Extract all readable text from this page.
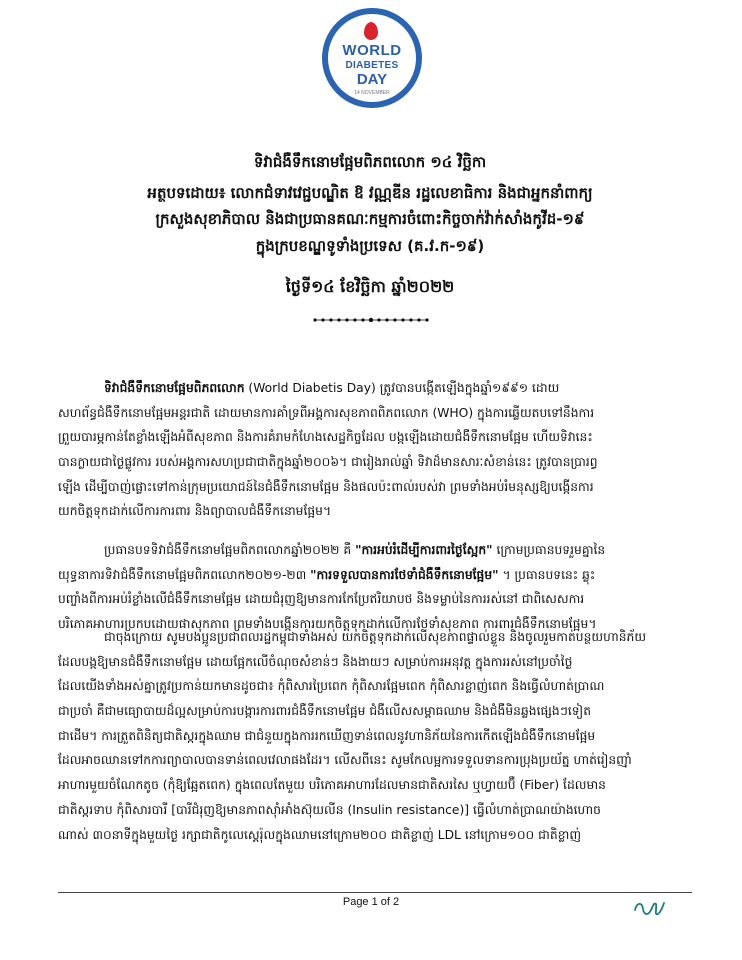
WORLD
DIABETES
DAY
14 NOVEMBER
ទិវាជំងឺទឹកនោមផ្អែមពិភពលោក ១៤ វិច្ឆិកា
អត្ថបទដោយ៖ លោកជំទាវវេជ្ជបណ្ឌិត ឱ វណ្ណឌីន រដ្ឋលេខាធិការ និងជាអ្នកនាំពាក្យ
ក្រសួងសុខាភិបាល និងជាប្រធានគណៈកម្មការចំពោះកិច្ចចាក់វ៉ាក់សាំងកូវីដ-១៩
ក្នុងក្របខណ្ឌទូទាំងប្រទេស (គ.វ.ក-១៩)
ថ្ងៃទី១៤ ខែវិច្ឆិកា ឆ្នាំ២០២២
ទិវាជំងឺទឹកនោមផ្អែមពិភពលោក (World Diabetis Day) ត្រូវបានបង្កើតឡើងក្នុងឆ្នាំ១៩៩១ ដោយ
សហព័ន្ធជំងឺទឹកនោមផ្អែមអន្តរជាតិ ដោយមានការគាំទ្រពីអង្គការសុខភាពពិភពលោក (WHO) ក្នុងការឆ្លើយតបទៅនឹងការ
ព្រួយបារម្ភកាន់តែខ្លាំងឡើងអំពីសុខភាព និងការគំរាមកំហែងសេដ្ឋកិច្ចដែល បង្កឡើងដោយជំងឺទឹកនោមផ្អែម ហើយទិវានេះ
បានក្លាយជាថ្ងៃផ្លូវការ របស់អង្គការសហប្រជាជាតិក្នុងឆ្នាំ២០០៦។ ជារៀងរាល់ឆ្នាំ ទិវាដ៏មានសារៈសំខាន់នេះ ត្រូវបានប្រារព្ធ
ឡើង ដើម្បីបាញ់ផ្លោះទៅកាន់ក្រុមប្រយោជន៍នៃជំងឺទឹកនោមផ្អែម និងផលប៉ះពាល់របស់វា ព្រមទាំងអប់រំមនុស្សឱ្យបង្កើនការ
យកចិត្តទុកដាក់លើការការពារ និងព្យាបាលជំងឺទឹកនោមផ្អែម។
ប្រធានបទទិវាជំងឺទឹកនោមផ្អែមពិភពលោកឆ្នាំ២០២២ គឺ "ការអប់រំដើម្បីការពារថ្ងៃស្អែក" ក្រោមប្រធានបទរួមគ្នានៃ
យុទ្ធនាការទិវាជំងឺទឹកនោមផ្អែមពិភពលោក២០២១-២៣ "ការទទួលបានការថែទាំជំងឺទឹកនោមផ្អែម" ។ ប្រធានបទនេះ ឆ្លុះ
បញ្ចាំងពីការអប់រំខ្លាំងលើជំងឺទឹកនោមផ្អែម ដោយជំរុញឱ្យមានការកែប្រែឥរិយាបថ និងទម្លាប់នៃការរស់នៅ ជាពិសេសការ
បរិភោគអាហារប្រកបដោយផាសុកភាព ព្រមទាំងបង្កើនការយកចិត្តទុកដាក់លើការថែទាំសុខភាព ការពារជំងឺទឹកនោមផ្អែម។
ជាចុងក្រោយ សូមបងប្អូនប្រជាពលរដ្ឋកម្ពុជាទាំងអស់ យកចិត្តទុកដាក់លើសុខភាពផ្ទាល់ខ្លួន និងចូលរួមកាត់បន្ថយហានិភ័យ
ដែលបង្កឱ្យមានជំងឺទឹកនោមផ្អែម ដោយផ្អែកលើចំណុចសំខាន់ៗ និងងាយៗ សម្រាប់ការអនុវត្ត ក្នុងការរស់នៅប្រចាំថ្ងៃ
ដែលយើងទាំងអស់គ្នាត្រូវប្រកាន់យកមានដូចជា៖ កុំពិសារប្រៃពេក កុំពិសារផ្អែមពេក កុំពិសារខ្លាញ់ពេក និងធ្វើលំហាត់ប្រាណ
ជាប្រចាំ គឺជាមធ្យោបាយដ៏ល្អសម្រាប់ការបង្ការការពារជំងឺទឹកនោមផ្អែម ជំងឺលើសសម្ពាធឈាម និងជំងឺមិនឆ្លងផ្សេងៗទៀត
ជាដើម។ ការត្រួតពិនិត្យជាតិស្ករក្នុងឈាម ជាជំនួយក្នុងការរកឃើញទាន់ពេលនូវហានិភ័យនៃការកើតឡើងជំងឺទឹកនោមផ្អែម
ដែលអាចឈានទៅកការព្យាបាលបានទាន់ពេលវេលាផងដែរ។ លើសពីនេះ សូមកែលម្អការទទួលទានការប្រុងប្រយ័ត្ន ហាត់រៀនញ៉ាំ
អាហារមួយចំណែកតូច (កុំឱ្យឆ្អែតពេក) ក្នុងពេលតែមួយ បរិភោគអាហារដែលមានជាតិសរសៃ ឬហ្វាយប៊ឺ (Fiber) ដែលមាន
ជាតិស្ករទាប កុំពិសារបារី [បារីជំរុញឱ្យមានភាពស៊ាំអាំងស៊ុយលីន (Insulin resistance)] ធ្វើលំហាត់ប្រាណយ៉ាងហោច
ណាស់ ៣០នាទីក្នុងមួយថ្ងៃ រក្សាជាតិកូលេស្តេរ៉ុលក្នុងឈាមនៅក្រោម២០០ ជាតិខ្លាញ់ LDL នៅក្រោម១០០ ជាតិខ្លាញ់
Page 1 of 2
